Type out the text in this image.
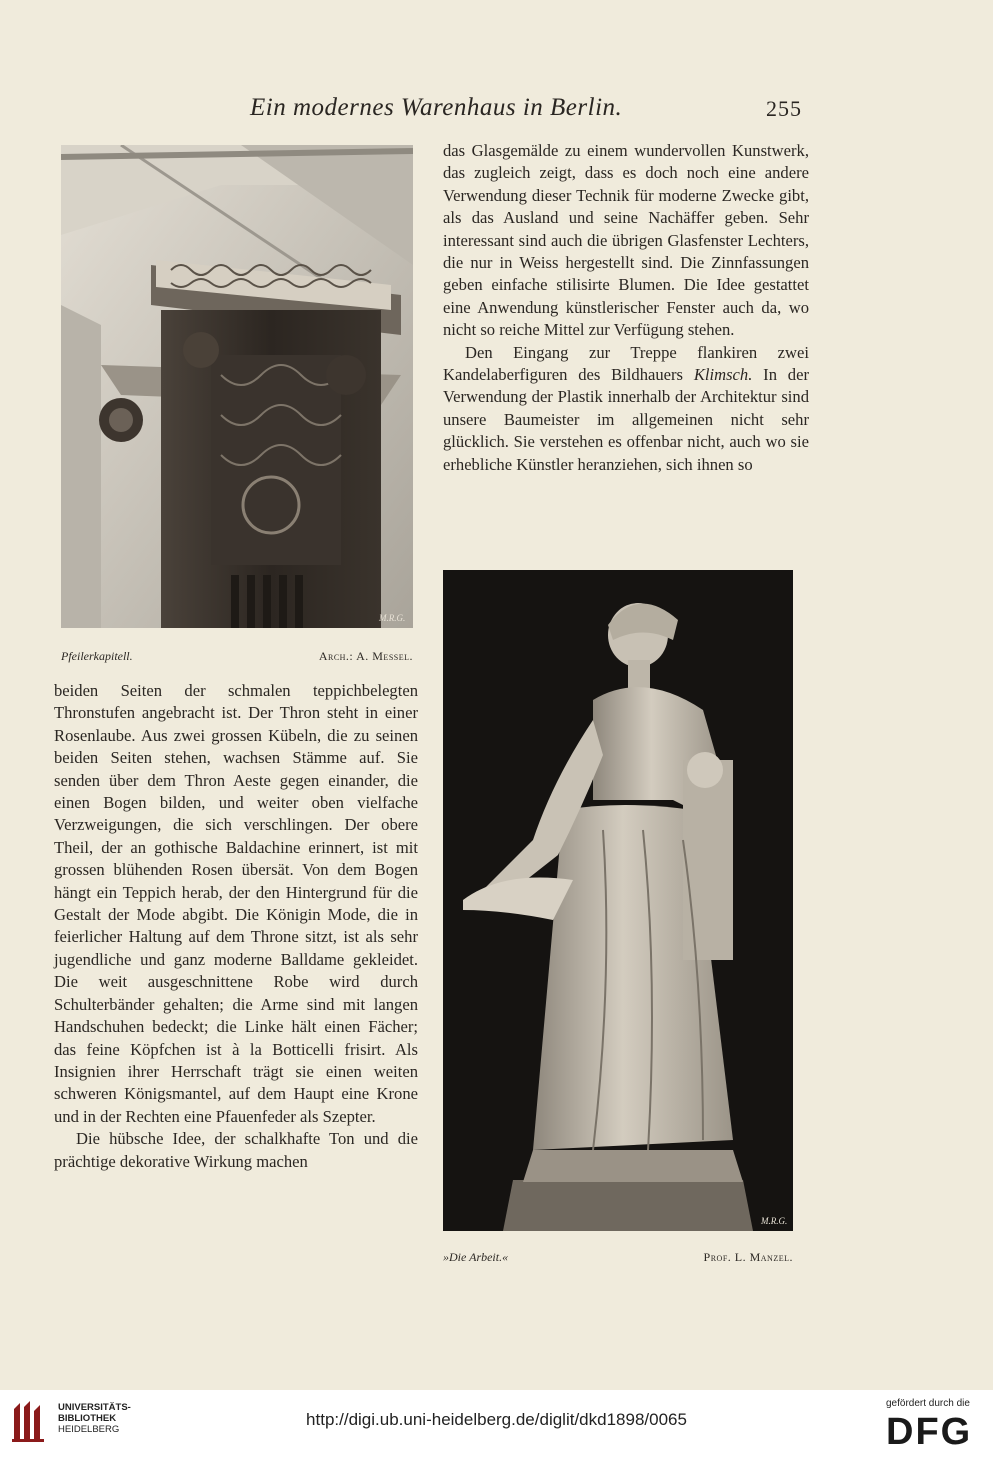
Ein modernes Warenhaus in Berlin.	255
M.R.G.
Pfeilerkapitell.	Arch.: A. Messel.

das Glasgemälde zu einem wundervollen Kunstwerk, das zugleich zeigt, dass es doch noch eine andere Verwendung dieser Technik für moderne Zwecke gibt, als das Ausland und seine Nachäffer geben. Sehr interessant sind auch die übrigen Glasfenster Lechters, die nur in Weiss hergestellt sind. Die Zinnfassungen geben einfache stilisirte Blumen. Die Idee gestattet eine Anwendung künstlerischer Fenster auch da, wo nicht so reiche Mittel zur Verfügung stehen.

Den Eingang zur Treppe flankiren zwei Kandelaberfiguren des Bildhauers Klimsch. In der Verwendung der Plastik innerhalb der Architektur sind unsere Baumeister im allgemeinen nicht sehr glücklich. Sie verstehen es offenbar nicht, auch wo sie erhebliche Künstler heranziehen, sich ihnen so

M.R.G.
»Die Arbeit.«	Prof. L. Manzel.

beiden Seiten der schmalen teppichbelegten Thronstufen angebracht ist. Der Thron steht in einer Rosenlaube. Aus zwei grossen Kübeln, die zu seinen beiden Seiten stehen, wachsen Stämme auf. Sie senden über dem Thron Aeste gegen einander, die einen Bogen bilden, und weiter oben vielfache Verzweigungen, die sich verschlingen. Der obere Theil, der an gothische Baldachine erinnert, ist mit grossen blühenden Rosen übersät. Von dem Bogen hängt ein Teppich herab, der den Hintergrund für die Gestalt der Mode abgibt. Die Königin Mode, die in feierlicher Haltung auf dem Throne sitzt, ist als sehr jugendliche und ganz moderne Balldame gekleidet. Die weit ausgeschnittene Robe wird durch Schulterbänder gehalten; die Arme sind mit langen Handschuhen bedeckt; die Linke hält einen Fächer; das feine Köpfchen ist à la Botticelli frisirt. Als Insignien ihrer Herrschaft trägt sie einen weiten schweren Königsmantel, auf dem Haupt eine Krone und in der Rechten eine Pfauenfeder als Szepter.

Die hübsche Idee, der schalkhafte Ton und die prächtige dekorative Wirkung machen

UNIVERSITÄTS-
BIBLIOTHEK
HEIDELBERG
http://digi.ub.uni-heidelberg.de/diglit/dkd1898/0065
gefördert durch die
DFG
